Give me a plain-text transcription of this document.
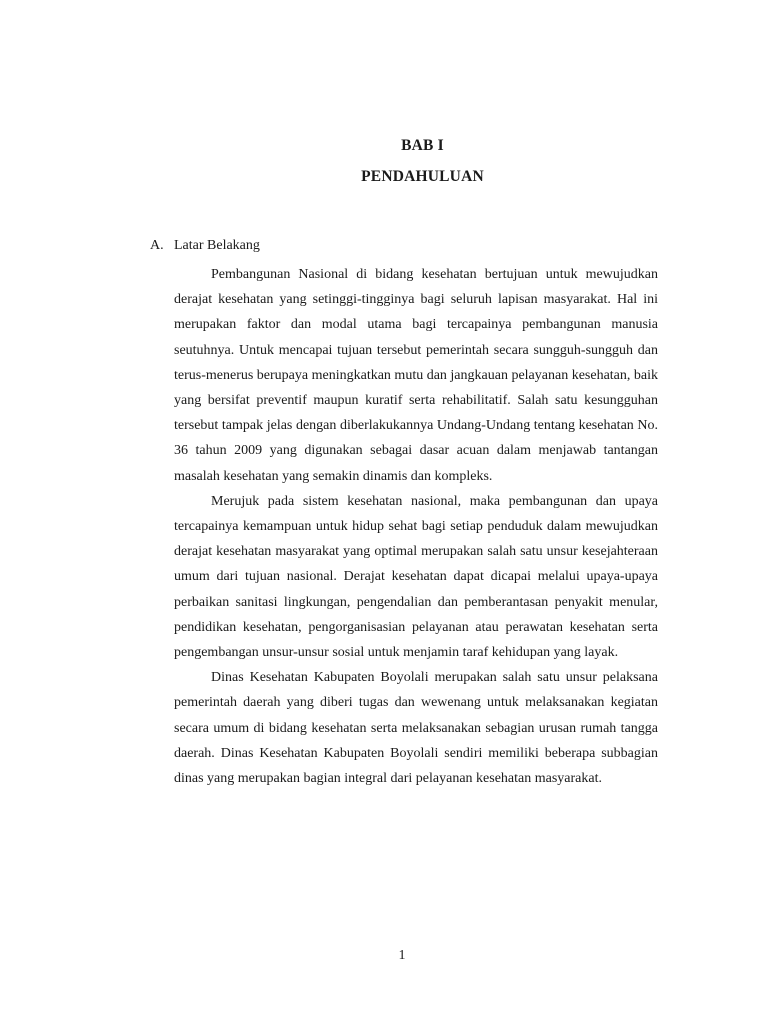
BAB I
PENDAHULUAN
A. Latar Belakang

Pembangunan Nasional di bidang kesehatan bertujuan untuk mewujudkan derajat kesehatan yang setinggi-tingginya bagi seluruh lapisan masyarakat. Hal ini merupakan faktor dan modal utama bagi tercapainya pembangunan manusia seutuhnya. Untuk mencapai tujuan tersebut pemerintah secara sungguh-sungguh dan terus-menerus berupaya meningkatkan mutu dan jangkauan pelayanan kesehatan, baik yang bersifat preventif maupun kuratif serta rehabilitatif. Salah satu kesungguhan tersebut tampak jelas dengan diberlakukannya Undang-Undang tentang kesehatan No. 36 tahun 2009 yang digunakan sebagai dasar acuan dalam menjawab tantangan masalah kesehatan yang semakin dinamis dan kompleks.

Merujuk pada sistem kesehatan nasional, maka pembangunan dan upaya tercapainya kemampuan untuk hidup sehat bagi setiap penduduk dalam mewujudkan derajat kesehatan masyarakat yang optimal merupakan salah satu unsur kesejahteraan umum dari tujuan nasional. Derajat kesehatan dapat dicapai melalui upaya-upaya perbaikan sanitasi lingkungan, pengendalian dan pemberantasan penyakit menular, pendidikan kesehatan, pengorganisasian pelayanan atau perawatan kesehatan serta pengembangan unsur-unsur sosial untuk menjamin taraf kehidupan yang layak.

Dinas Kesehatan Kabupaten Boyolali merupakan salah satu unsur pelaksana pemerintah daerah yang diberi tugas dan wewenang untuk melaksanakan kegiatan secara umum di bidang kesehatan serta melaksanakan sebagian urusan rumah tangga daerah. Dinas Kesehatan Kabupaten Boyolali sendiri memiliki beberapa subbagian dinas yang merupakan bagian integral dari pelayanan kesehatan masyarakat.

1
